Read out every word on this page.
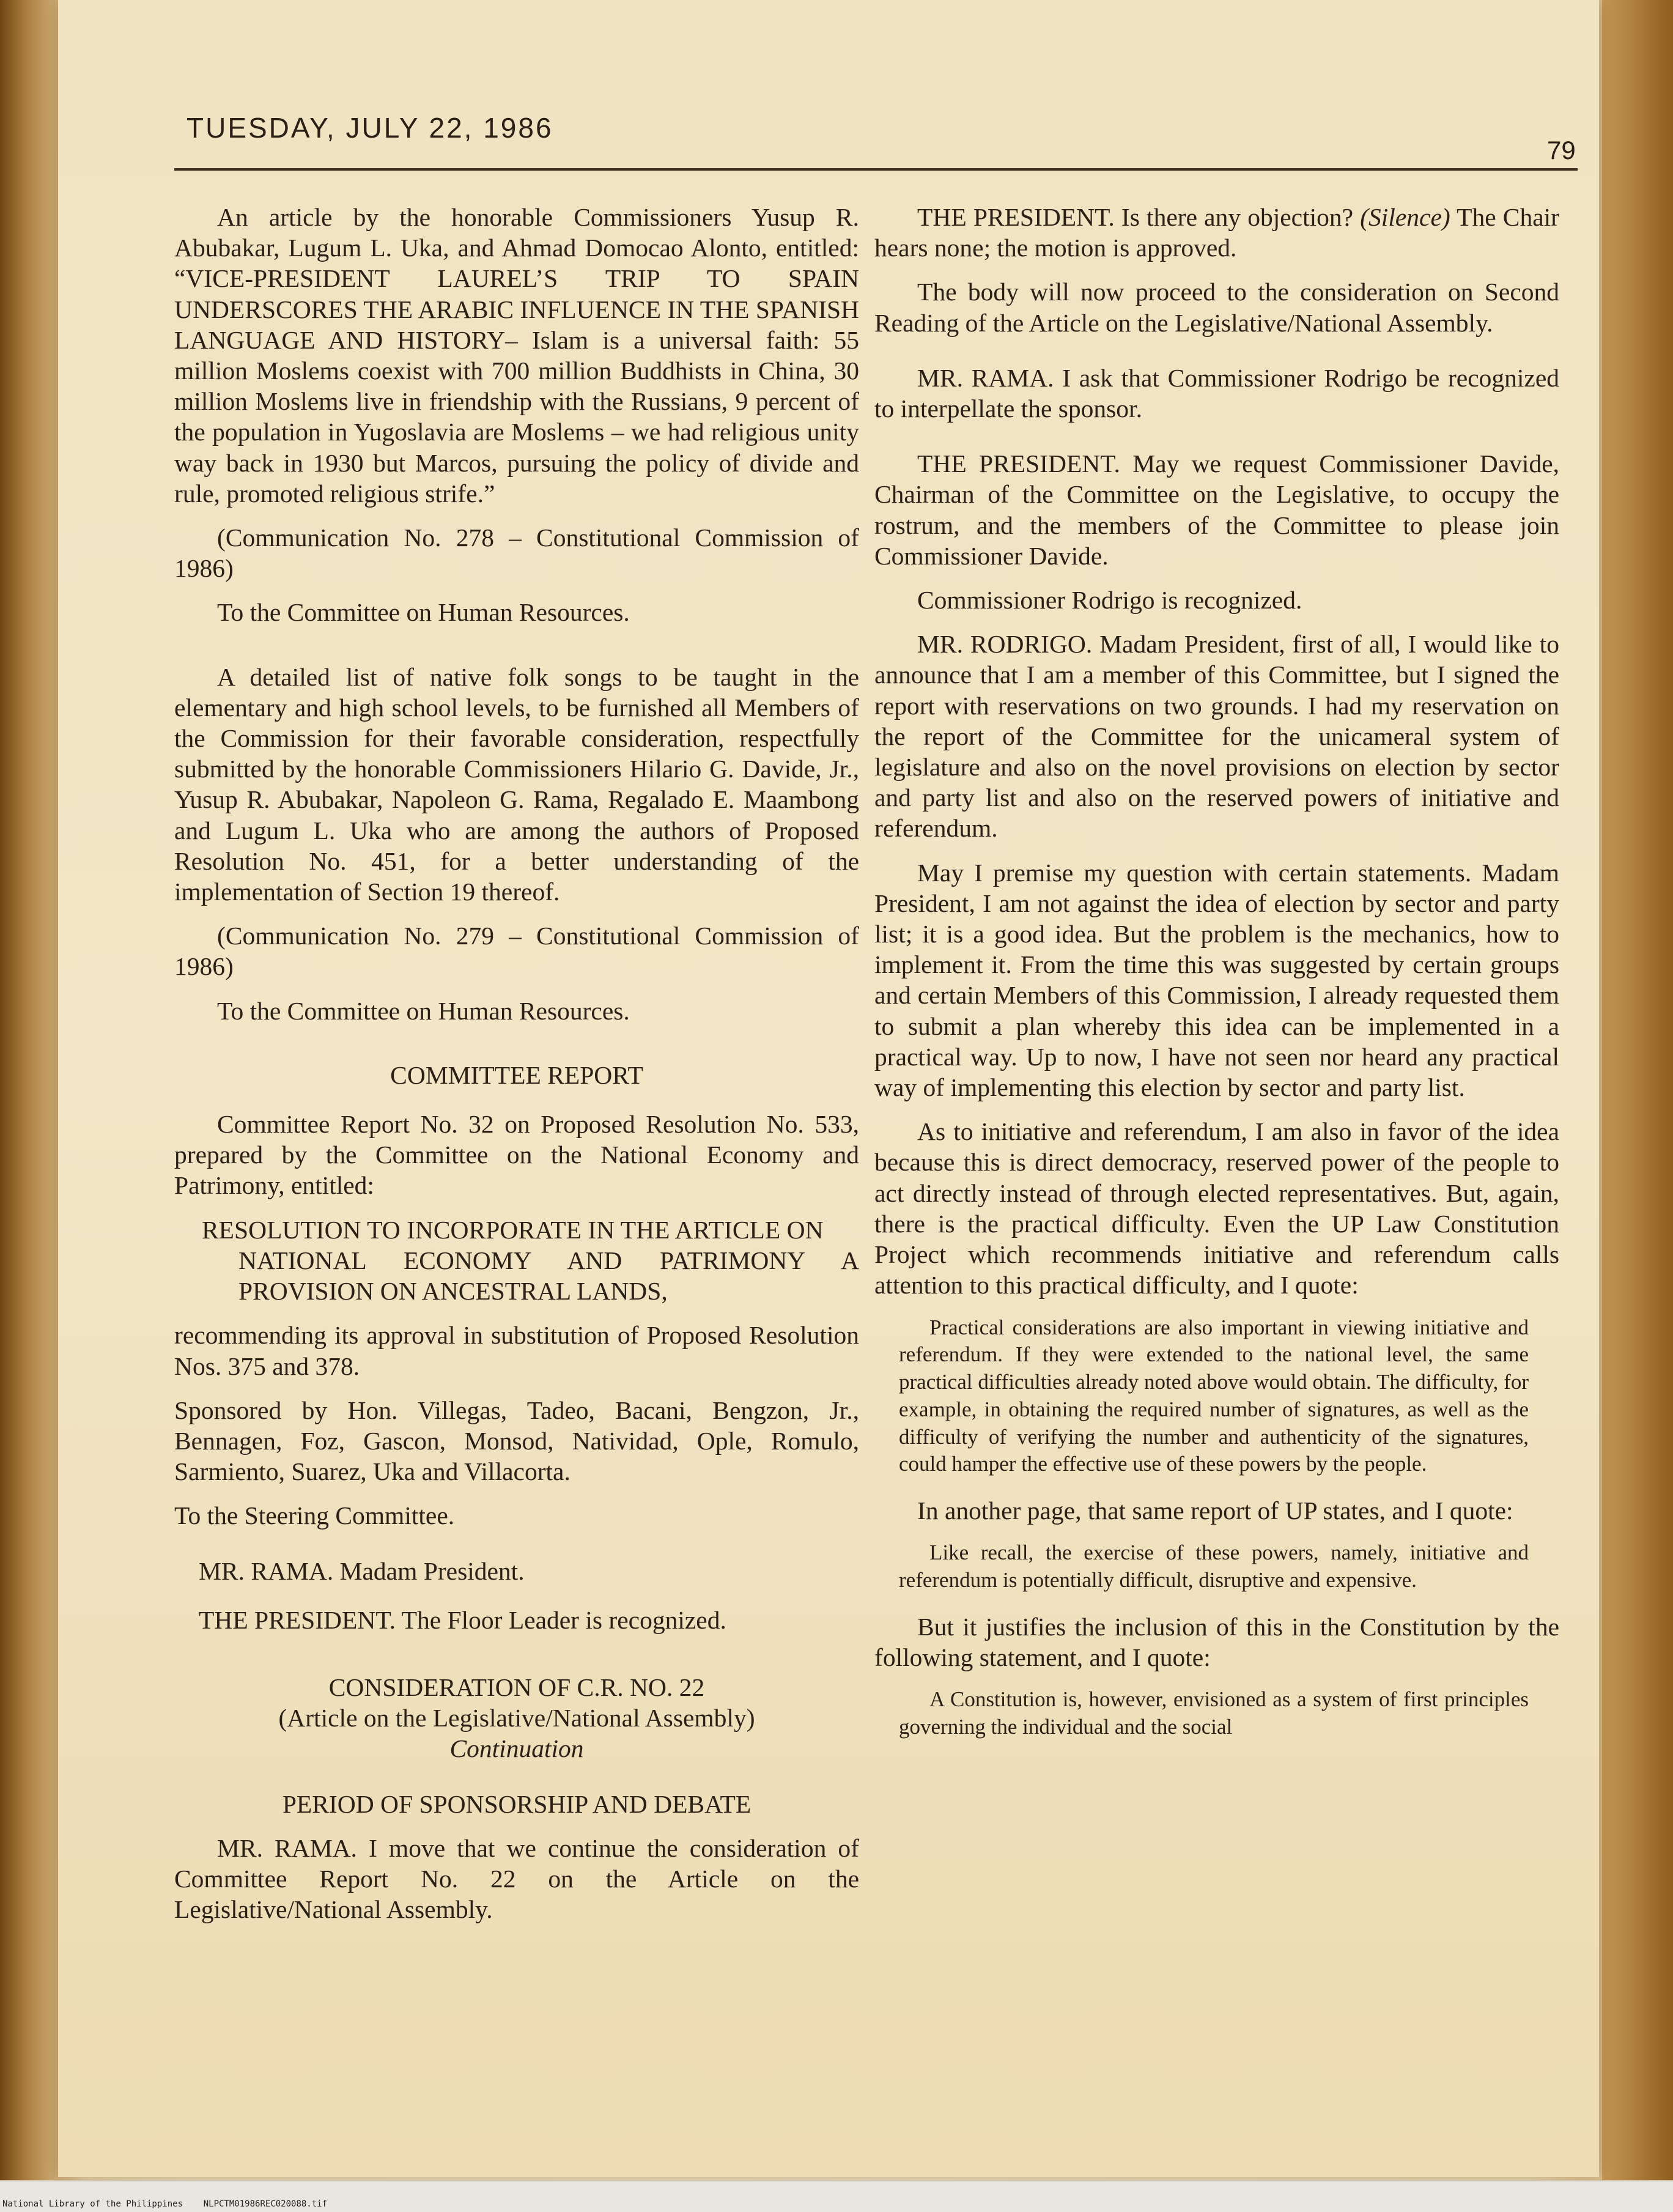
TUESDAY, JULY 22, 1986
79

An article by the honorable Commissioners Yusup R. Abubakar, Lugum L. Uka, and Ahmad Domocao Alonto, entitled: “VICE-PRESIDENT LAUREL’S TRIP TO SPAIN UNDERSCORES THE ARABIC INFLUENCE IN THE SPANISH LANGUAGE AND HISTORY– Islam is a universal faith: 55 million Moslems coexist with 700 million Buddhists in China, 30 million Moslems live in friendship with the Russians, 9 percent of the population in Yugoslavia are Moslems – we had religious unity way back in 1930 but Marcos, pursuing the policy of divide and rule, promoted religious strife.”

(Communication No. 278 – Constitutional Commission of 1986)

To the Committee on Human Resources.

A detailed list of native folk songs to be taught in the elementary and high school levels, to be furnished all Members of the Commission for their favorable consideration, respectfully submitted by the honorable Commissioners Hilario G. Davide, Jr., Yusup R. Abubakar, Napoleon G. Rama, Regalado E. Maambong and Lugum L. Uka who are among the authors of Proposed Resolution No. 451, for a better understanding of the implementation of Section 19 thereof.

(Communication No. 279 – Constitutional Commission of 1986)

To the Committee on Human Resources.

COMMITTEE REPORT

Committee Report No. 32 on Proposed Resolution No. 533, prepared by the Committee on the National Economy and Patrimony, entitled:

RESOLUTION TO INCORPORATE IN THE ARTICLE ON
NATIONAL ECONOMY AND PATRIMONY A PROVISION ON ANCESTRAL LANDS,

recommending its approval in substitution of Proposed Resolution Nos. 375 and 378.

Sponsored by Hon. Villegas, Tadeo, Bacani, Bengzon, Jr., Bennagen, Foz, Gascon, Monsod, Natividad, Ople, Romulo, Sarmiento, Suarez, Uka and Villacorta.

To the Steering Committee.

MR. RAMA. Madam President.

THE PRESIDENT. The Floor Leader is recognized.

CONSIDERATION OF C.R. NO. 22
(Article on the Legislative/National Assembly)
Continuation
PERIOD OF SPONSORSHIP AND DEBATE

MR. RAMA. I move that we continue the consideration of Committee Report No. 22 on the Article on the Legislative/National Assembly.

THE PRESIDENT. Is there any objection? (Silence) The Chair hears none; the motion is approved.

The body will now proceed to the consideration on Second Reading of the Article on the Legislative/National Assembly.

MR. RAMA. I ask that Commissioner Rodrigo be recognized to interpellate the sponsor.

THE PRESIDENT. May we request Commissioner Davide, Chairman of the Committee on the Legislative, to occupy the rostrum, and the members of the Committee to please join Commissioner Davide.

Commissioner Rodrigo is recognized.

MR. RODRIGO. Madam President, first of all, I would like to announce that I am a member of this Committee, but I signed the report with reservations on two grounds. I had my reservation on the report of the Committee for the unicameral system of legislature and also on the novel provisions on election by sector and party list and also on the reserved powers of initiative and referendum.

May I premise my question with certain statements. Madam President, I am not against the idea of election by sector and party list; it is a good idea. But the problem is the mechanics, how to implement it. From the time this was suggested by certain groups and certain Members of this Commission, I already requested them to submit a plan whereby this idea can be implemented in a practical way. Up to now, I have not seen nor heard any practical way of implementing this election by sector and party list.

As to initiative and referendum, I am also in favor of the idea because this is direct democracy, reserved power of the people to act directly instead of through elected representatives. But, again, there is the practical difficulty. Even the UP Law Constitution Project which recommends initiative and referendum calls attention to this practical difficulty, and I quote:

Practical considerations are also important in viewing initiative and referendum. If they were extended to the national level, the same practical difficulties already noted above would obtain. The difficulty, for example, in obtaining the required number of signatures, as well as the difficulty of verifying the number and authenticity of the signatures, could hamper the effective use of these powers by the people.

In another page, that same report of UP states, and I quote:

Like recall, the exercise of these powers, namely, initiative and referendum is potentially difficult, disruptive and expensive.

But it justifies the inclusion of this in the Constitution by the following statement, and I quote:

A Constitution is, however, envisioned as a system of first principles governing the individual and the social

National Library of the Philippines NLPCTM01986REC020088.tif
